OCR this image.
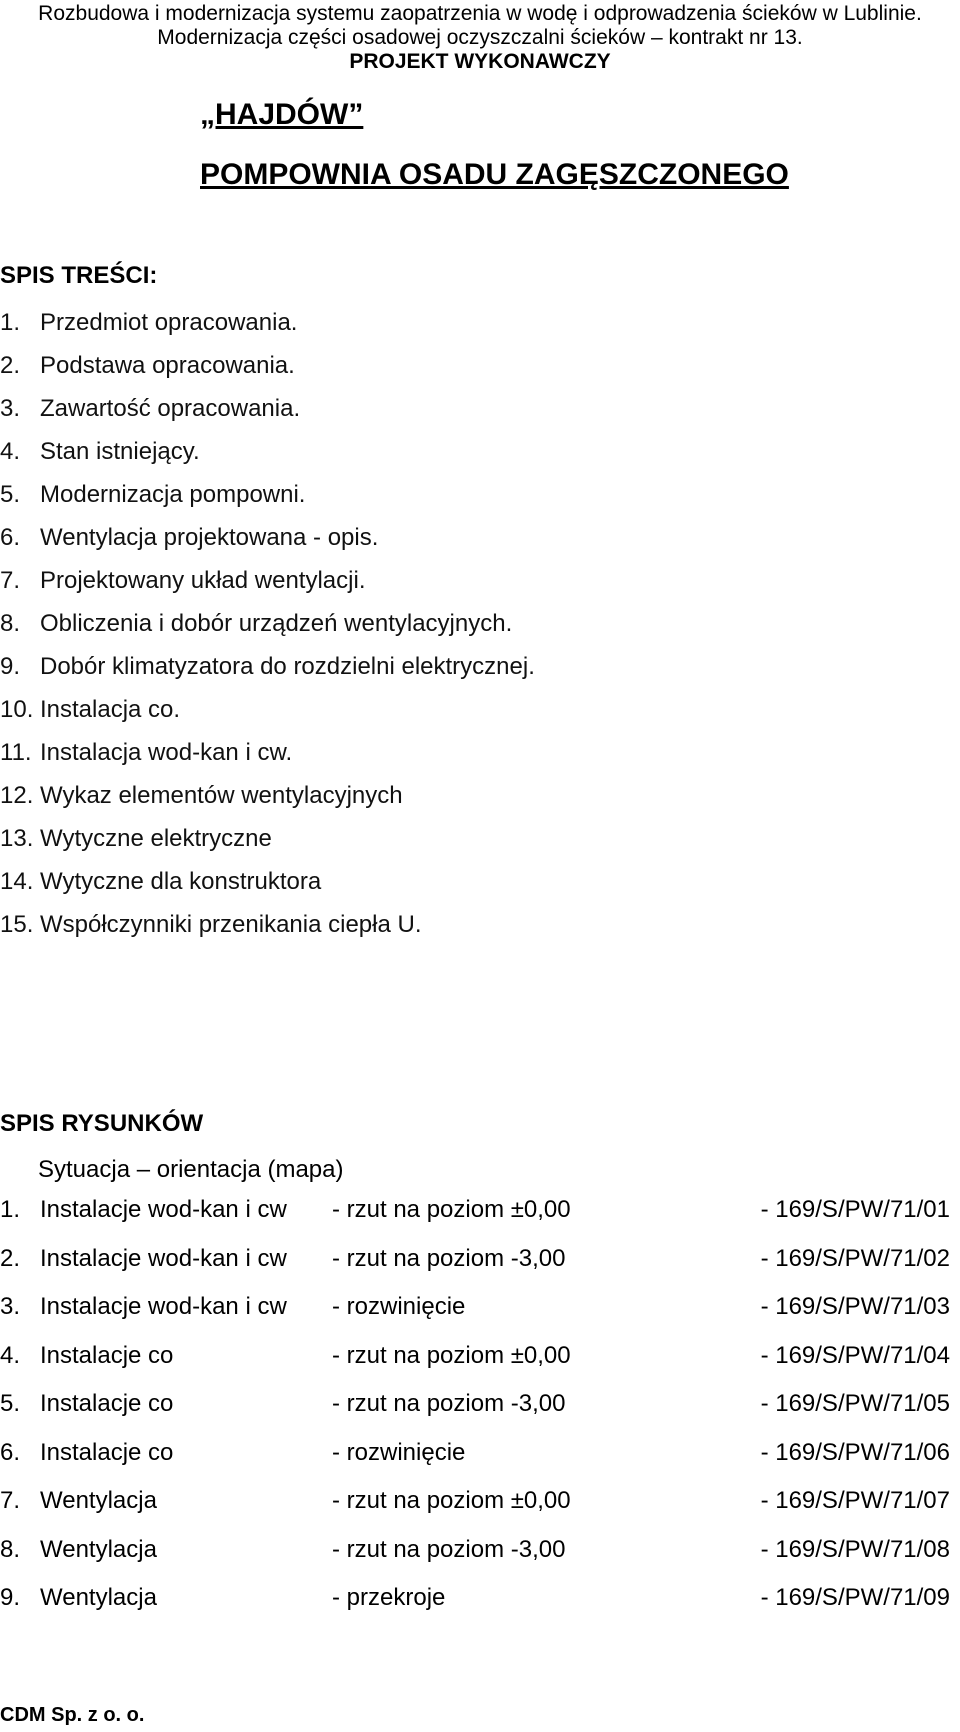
Rozbudowa i modernizacja systemu zaopatrzenia w wodę i odprowadzenia ścieków w Lublinie.
Modernizacja części osadowej oczyszczalni ścieków – kontrakt nr 13.
PROJEKT WYKONAWCZY
„HAJDÓW”
POMPOWNIA OSADU ZAGĘSZCZONEGO
SPIS TREŚCI:
1. Przedmiot opracowania.
2. Podstawa opracowania.
3. Zawartość opracowania.
4. Stan istniejący.
5. Modernizacja pompowni.
6. Wentylacja projektowana - opis.
7. Projektowany układ wentylacji.
8. Obliczenia i dobór urządzeń wentylacyjnych.
9. Dobór klimatyzatora do rozdzielni elektrycznej.
10. Instalacja co.
11. Instalacja wod-kan i cw.
12. Wykaz elementów wentylacyjnych
13. Wytyczne elektryczne
14. Wytyczne dla konstruktora
15. Współczynniki przenikania ciepła U.
SPIS RYSUNKÓW
Sytuacja – orientacja (mapa)
1. Instalacje wod-kan i cw - rzut na poziom ±0,00	- 169/S/PW/71/01
2. Instalacje wod-kan i cw - rzut na poziom -3,00	- 169/S/PW/71/02
3. Instalacje wod-kan i cw - rozwinięcie	- 169/S/PW/71/03
4. Instalacje co	- rzut na poziom ±0,00	- 169/S/PW/71/04
5. Instalacje co	- rzut na poziom -3,00	- 169/S/PW/71/05
6. Instalacje co	- rozwinięcie	- 169/S/PW/71/06
7. Wentylacja	- rzut na poziom ±0,00	- 169/S/PW/71/07
8. Wentylacja	- rzut na poziom -3,00	- 169/S/PW/71/08
9. Wentylacja	- przekroje	- 169/S/PW/71/09
CDM Sp. z o. o.
